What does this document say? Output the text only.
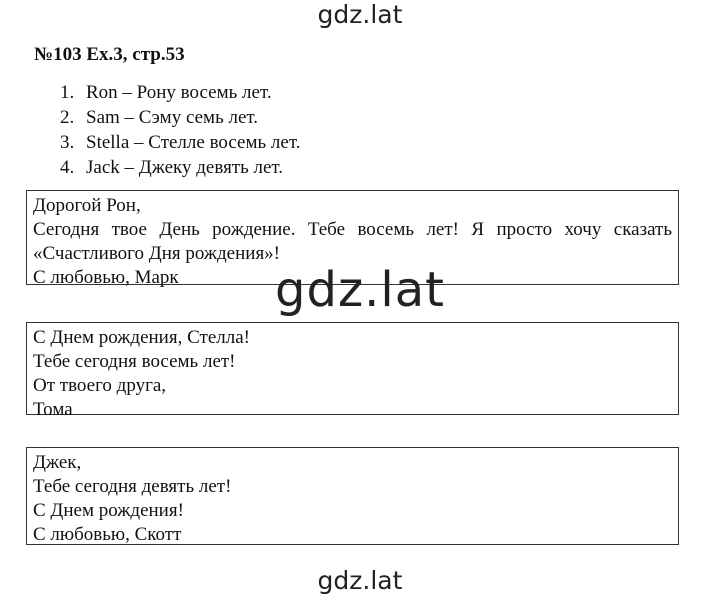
gdz.lat
№103 Ex.3, стр.53
1. Ron – Рону восемь лет.
2. Sam – Сэму семь лет.
3. Stella – Стелле восемь лет.
4. Jack – Джеку девять лет.
Дорогой Рон,
Сегодня твое День рождение. Тебе восемь лет! Я просто хочу сказать
«Счастливого Дня рождения»!
С любовью, Марк	gdz.lat
С Днем рождения, Стелла!
Тебе сегодня восемь лет!
От твоего друга,
Тома
Джек,
Тебе сегодня девять лет!
С Днем рождения!
С любовью, Скотт
gdz.lat
